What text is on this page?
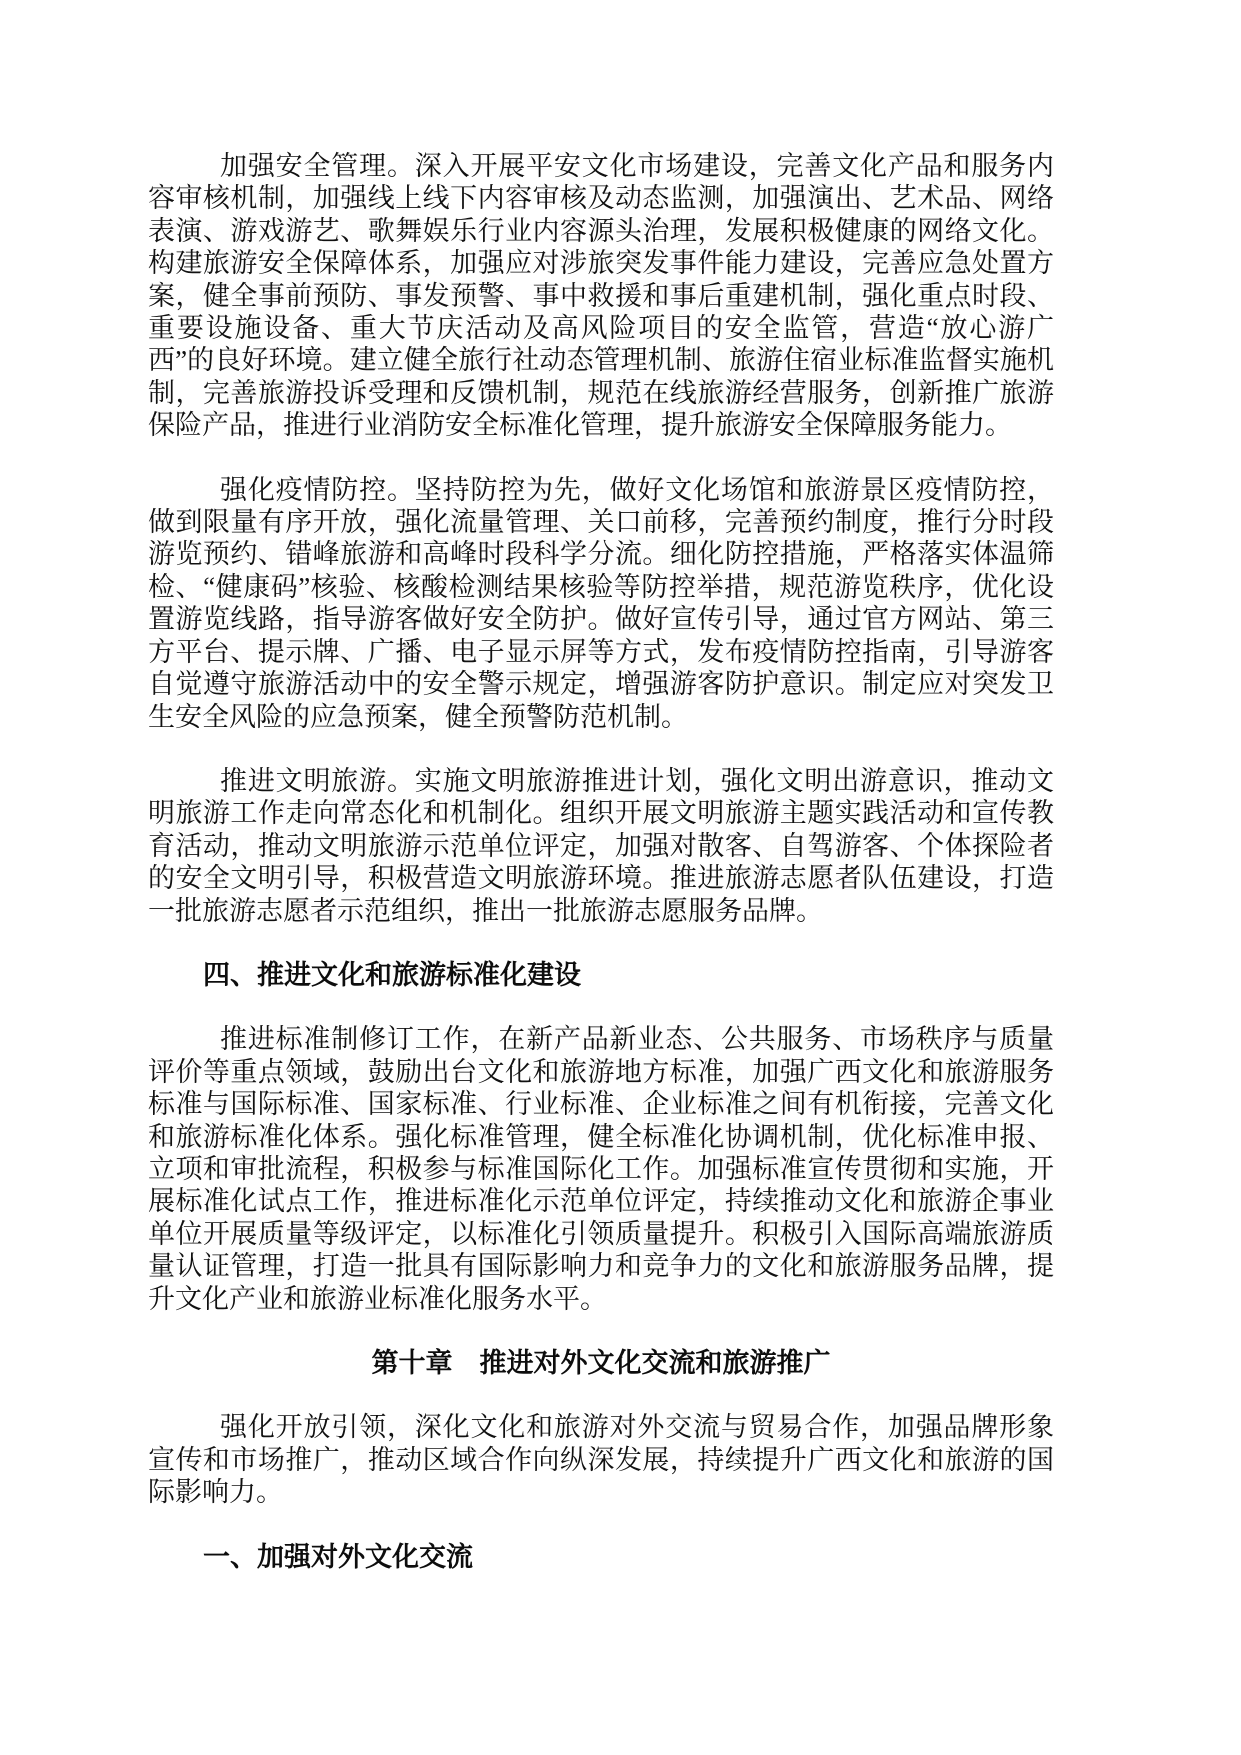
加强安全管理。深入开展平安文化市场建设，完善文化产品和服务内容审核机制，加强线上线下内容审核及动态监测，加强演出、艺术品、网络表演、游戏游艺、歌舞娱乐行业内容源头治理，发展积极健康的网络文化。构建旅游安全保障体系，加强应对涉旅突发事件能力建设，完善应急处置方案，健全事前预防、事发预警、事中救援和事后重建机制，强化重点时段、重要设施设备、重大节庆活动及高风险项目的安全监管，营造“放心游广西”的良好环境。建立健全旅行社动态管理机制、旅游住宿业标准监督实施机制，完善旅游投诉受理和反馈机制，规范在线旅游经营服务，创新推广旅游保险产品，推进行业消防安全标准化管理，提升旅游安全保障服务能力。

强化疫情防控。坚持防控为先，做好文化场馆和旅游景区疫情防控，做到限量有序开放，强化流量管理、关口前移，完善预约制度，推行分时段游览预约、错峰旅游和高峰时段科学分流。细化防控措施，严格落实体温筛检、“健康码”核验、核酸检测结果核验等防控举措，规范游览秩序，优化设置游览线路，指导游客做好安全防护。做好宣传引导，通过官方网站、第三方平台、提示牌、广播、电子显示屏等方式，发布疫情防控指南，引导游客自觉遵守旅游活动中的安全警示规定，增强游客防护意识。制定应对突发卫生安全风险的应急预案，健全预警防范机制。

推进文明旅游。实施文明旅游推进计划，强化文明出游意识，推动文明旅游工作走向常态化和机制化。组织开展文明旅游主题实践活动和宣传教育活动，推动文明旅游示范单位评定，加强对散客、自驾游客、个体探险者的安全文明引导，积极营造文明旅游环境。推进旅游志愿者队伍建设，打造一批旅游志愿者示范组织，推出一批旅游志愿服务品牌。

四、推进文化和旅游标准化建设

推进标准制修订工作，在新产品新业态、公共服务、市场秩序与质量评价等重点领域，鼓励出台文化和旅游地方标准，加强广西文化和旅游服务标准与国际标准、国家标准、行业标准、企业标准之间有机衔接，完善文化和旅游标准化体系。强化标准管理，健全标准化协调机制，优化标准申报、立项和审批流程，积极参与标准国际化工作。加强标准宣传贯彻和实施，开展标准化试点工作，推进标准化示范单位评定，持续推动文化和旅游企事业单位开展质量等级评定，以标准化引领质量提升。积极引入国际高端旅游质量认证管理，打造一批具有国际影响力和竞争力的文化和旅游服务品牌，提升文化产业和旅游业标准化服务水平。

第十章　推进对外文化交流和旅游推广

强化开放引领，深化文化和旅游对外交流与贸易合作，加强品牌形象宣传和市场推广，推动区域合作向纵深发展，持续提升广西文化和旅游的国际影响力。

一、加强对外文化交流
